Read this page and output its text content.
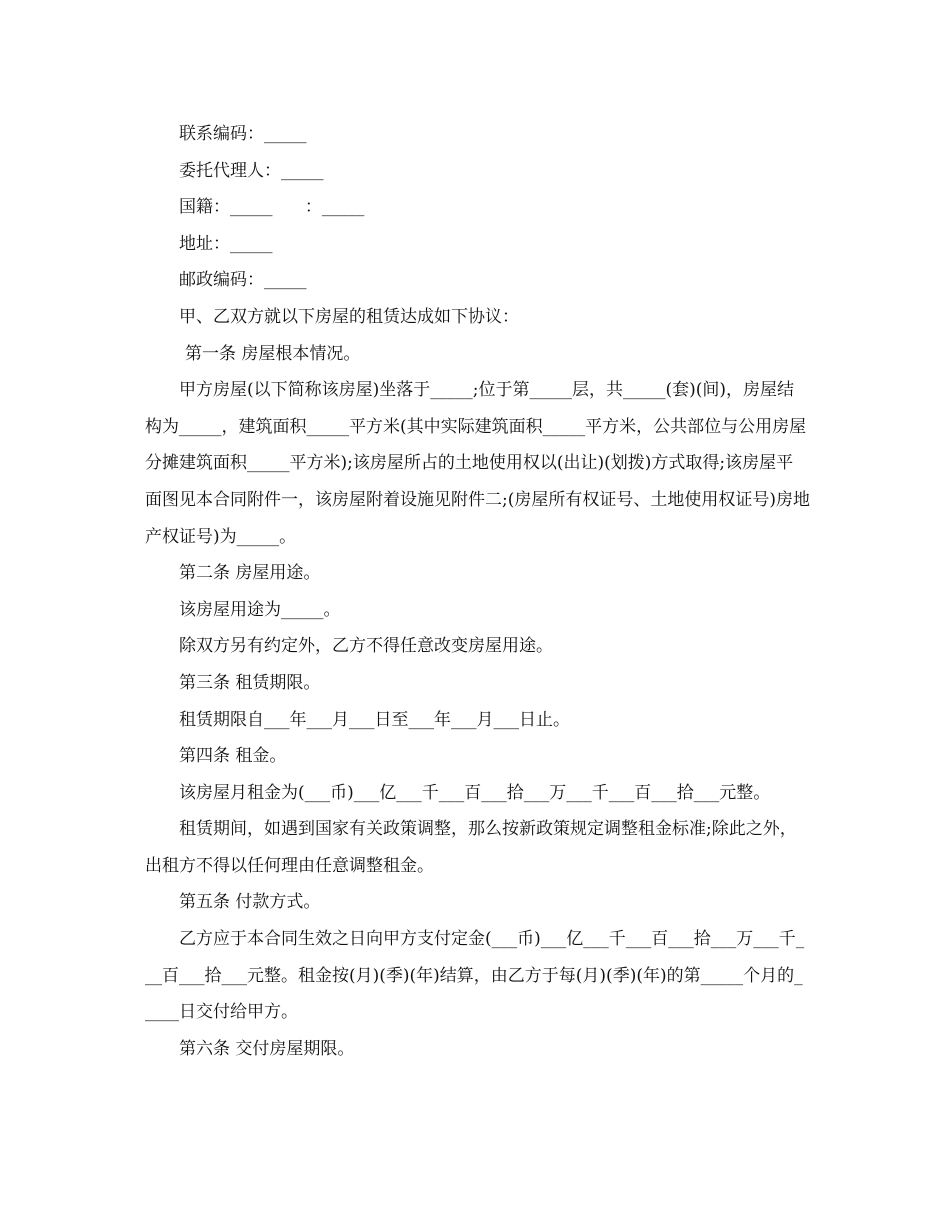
联系编码：_____

委托代理人：_____

国籍：_____      ：_____

地址：_____

邮政编码：_____

甲、乙双方就以下房屋的租赁达成如下协议：

第一条 房屋根本情况。

甲方房屋(以下简称该房屋)坐落于_____;位于第_____层，共_____(套)(间)，房屋结构为_____，建筑面积_____平方米(其中实际建筑面积_____平方米，公共部位与公用房屋分摊建筑面积_____平方米);该房屋所占的土地使用权以(出让)(划拨)方式取得;该房屋平面图见本合同附件一，该房屋附着设施见附件二;(房屋所有权证号、土地使用权证号)房地产权证号)为_____。

第二条 房屋用途。

该房屋用途为_____。

除双方另有约定外，乙方不得任意改变房屋用途。

第三条 租赁期限。

租赁期限自___年___月___日至___年___月___日止。

第四条 租金。

该房屋月租金为(___币)___亿___千___百___拾___万___千___百___拾___元整。

租赁期间，如遇到国家有关政策调整，那么按新政策规定调整租金标准;除此之外，出租方不得以任何理由任意调整租金。

第五条 付款方式。

乙方应于本合同生效之日向甲方支付定金(___币)___亿___千___百___拾___万___千___百___拾___元整。租金按(月)(季)(年)结算，由乙方于每(月)(季)(年)的第_____个月的_____日交付给甲方。

第六条 交付房屋期限。
